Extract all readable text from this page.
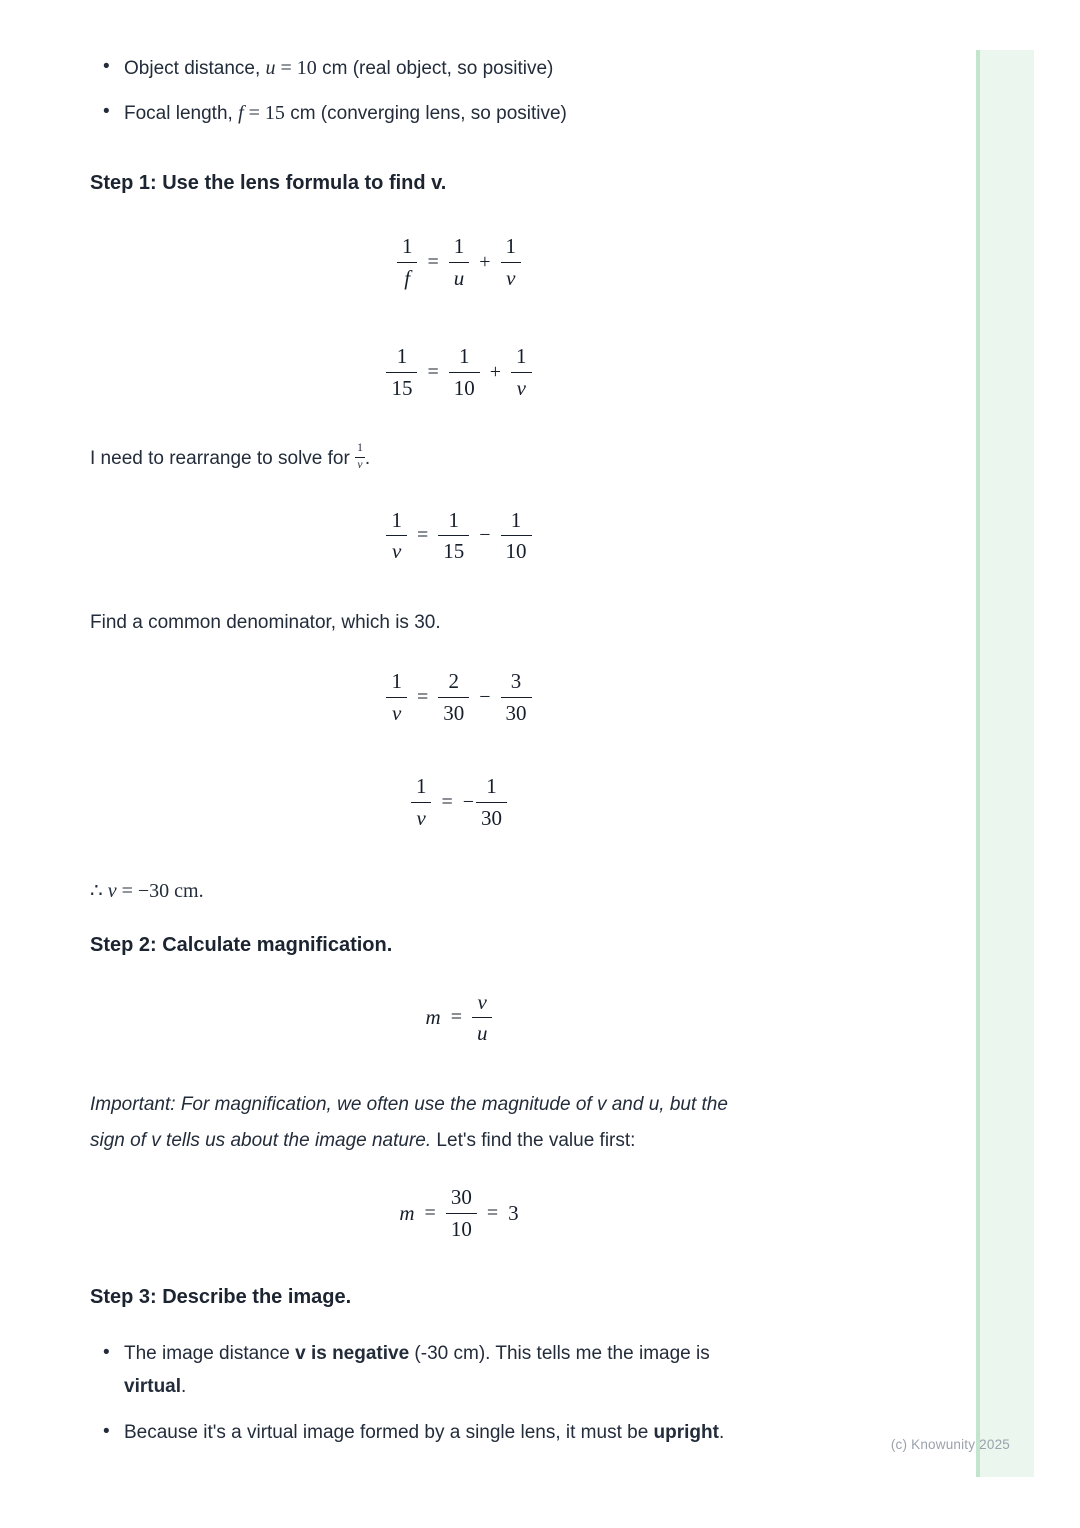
(c) Knowunity 2025
• Object distance, u = 10 cm (real object, so positive)
• Focal length, f = 15 cm (converging lens, so positive)
Step 1: Use the lens formula to find v.
$\frac{1}{f} = \frac{1}{u} + \frac{1}{v}$
$\frac{1}{15} = \frac{1}{10} + \frac{1}{v}$

I need to rearrange to solve for $\frac{1}{v}$ .

$\frac{1}{v} = \frac{1}{15} - \frac{1}{10}$

Find a common denominator, which is 30.

$\frac{1}{v} = \frac{2}{30} - \frac{3}{30}$
$\frac{1}{v}$ = − $\frac{1}{30}$

∴ v = −30 cm.

Step 2: Calculate magnification.
$m = \frac{v}{u}$

Important: For magnification, we often use the magnitude of v and u, but the
sign of v tells us about the image nature. Let's find the value first:

$m = \frac{30}{10} = 3$
Step 3: Describe the image.
• The image distance v is negative (-30 cm). This tells me the image is
virtual.
• Because it's a virtual image formed by a single lens, it must be upright.
